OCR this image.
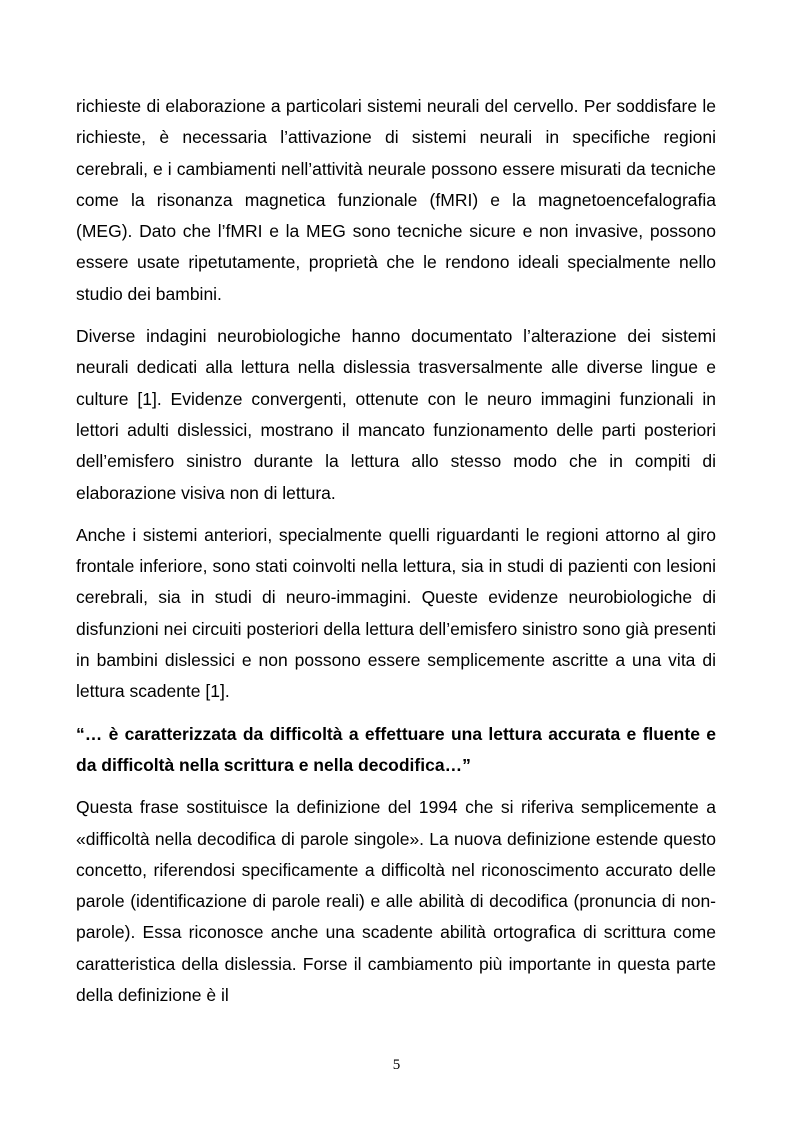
richieste di elaborazione a particolari sistemi neurali del cervello. Per soddisfare le richieste, è necessaria l’attivazione di sistemi neurali in specifiche regioni cerebrali, e i cambiamenti nell’attività neurale possono essere misurati da tecniche come la risonanza magnetica funzionale (fMRI) e la magnetoencefalografia (MEG). Dato che l’fMRI e la MEG sono tecniche sicure e non invasive, possono essere usate ripetutamente, proprietà che le rendono ideali specialmente nello studio dei bambini.

Diverse indagini neurobiologiche hanno documentato l’alterazione dei sistemi neurali dedicati alla lettura nella dislessia trasversalmente alle diverse lingue e culture [1]. Evidenze convergenti, ottenute con le neuro immagini funzionali in lettori adulti dislessici, mostrano il mancato funzionamento delle parti posteriori dell’emisfero sinistro durante la lettura allo stesso modo che in compiti di elaborazione visiva non di lettura.

Anche i sistemi anteriori, specialmente quelli riguardanti le regioni attorno al giro frontale inferiore, sono stati coinvolti nella lettura, sia in studi di pazienti con lesioni cerebrali, sia in studi di neuro-immagini. Queste evidenze neurobiologiche di disfunzioni nei circuiti posteriori della lettura dell’emisfero sinistro sono già presenti in bambini dislessici e non possono essere semplicemente ascritte a una vita di lettura scadente [1].

“… è caratterizzata da difficoltà a effettuare una lettura accurata e fluente e da difficoltà nella scrittura e nella decodifica…”

Questa frase sostituisce la definizione del 1994 che si riferiva semplicemente a «difficoltà nella decodifica di parole singole». La nuova definizione estende questo concetto, riferendosi specificamente a difficoltà nel riconoscimento accurato delle parole (identificazione di parole reali) e alle abilità di decodifica (pronuncia di non-parole). Essa riconosce anche una scadente abilità ortografica di scrittura come caratteristica della dislessia. Forse il cambiamento più importante in questa parte della definizione è il

5
